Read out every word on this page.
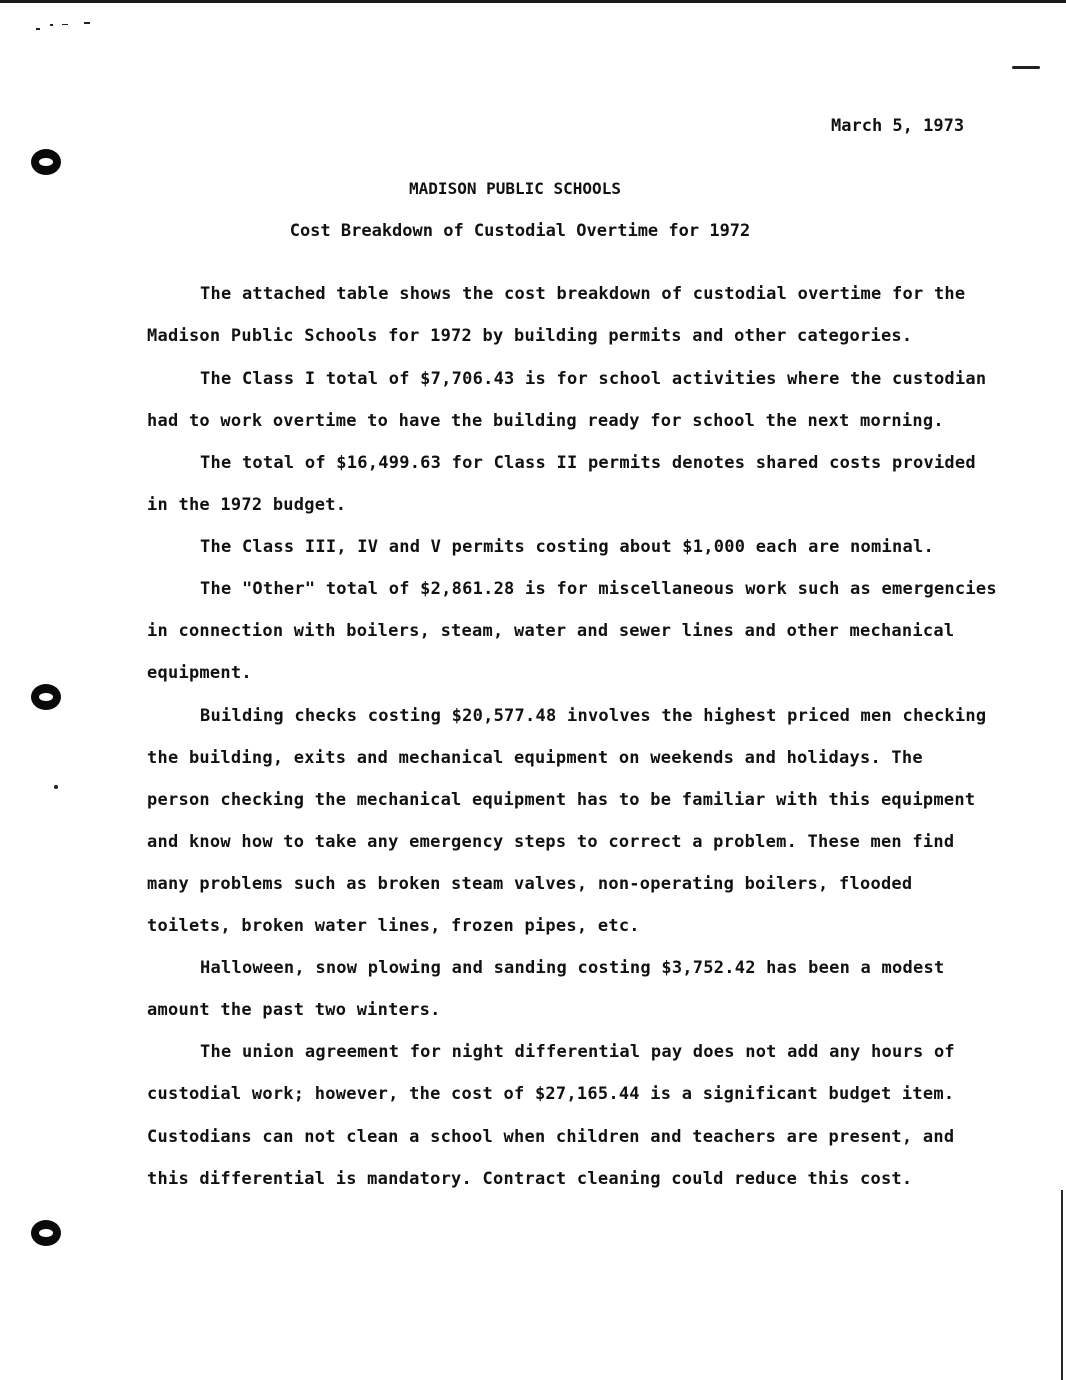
March 5, 1973
MADISON PUBLIC SCHOOLS
Cost Breakdown of Custodial Overtime for 1972
The attached table shows the cost breakdown of custodial overtime for the
Madison Public Schools for 1972 by building permits and other categories.
The Class I total of $7,706.43 is for school activities where the custodian
had to work overtime to have the building ready for school the next morning.
The total of $16,499.63 for Class II permits denotes shared costs provided
in the 1972 budget.
The Class III, IV and V permits costing about $1,000 each are nominal.
The "Other" total of $2,861.28 is for miscellaneous work such as emergencies
in connection with boilers, steam, water and sewer lines and other mechanical
equipment.
Building checks costing $20,577.48 involves the highest priced men checking
the building, exits and mechanical equipment on weekends and holidays. The
person checking the mechanical equipment has to be familiar with this equipment
and know how to take any emergency steps to correct a problem. These men find
many problems such as broken steam valves, non-operating boilers, flooded
toilets, broken water lines, frozen pipes, etc.
Halloween, snow plowing and sanding costing $3,752.42 has been a modest
amount the past two winters.
The union agreement for night differential pay does not add any hours of
custodial work; however, the cost of $27,165.44 is a significant budget item.
Custodians can not clean a school when children and teachers are present, and
this differential is mandatory. Contract cleaning could reduce this cost.
